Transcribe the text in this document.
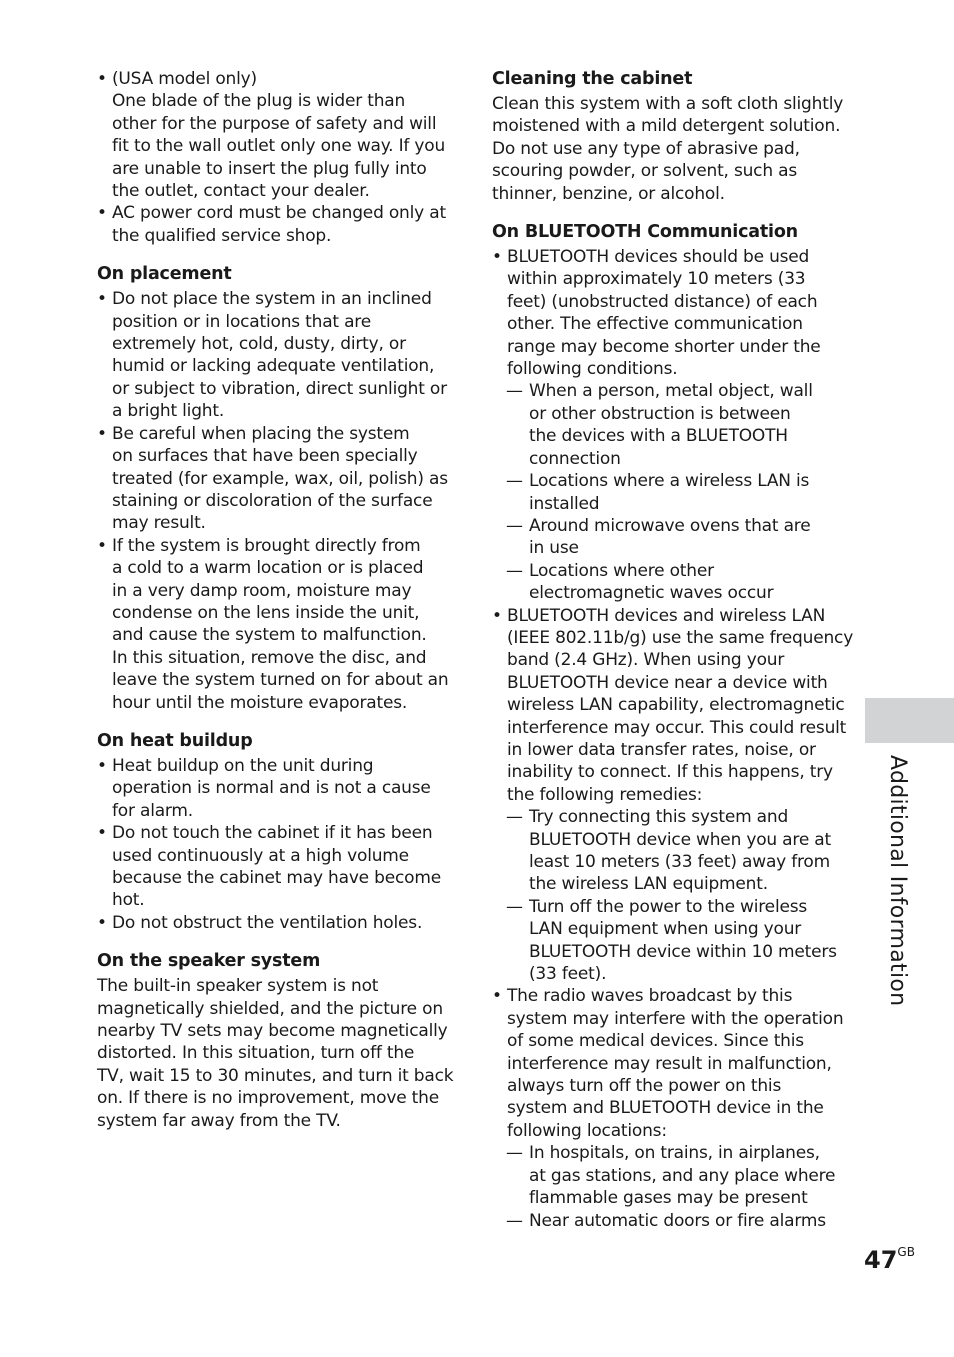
• (USA model only)
One blade of the plug is wider than
other for the purpose of safety and will
fit to the wall outlet only one way. If you
are unable to insert the plug fully into
the outlet, contact your dealer.
• AC power cord must be changed only at
the qualified service shop.
On placement
• Do not place the system in an inclined
position or in locations that are
extremely hot, cold, dusty, dirty, or
humid or lacking adequate ventilation,
or subject to vibration, direct sunlight or
a bright light.
• Be careful when placing the system
on surfaces that have been specially
treated (for example, wax, oil, polish) as
staining or discoloration of the surface
may result.
• If the system is brought directly from
a cold to a warm location or is placed
in a very damp room, moisture may
condense on the lens inside the unit,
and cause the system to malfunction.
In this situation, remove the disc, and
leave the system turned on for about an
hour until the moisture evaporates.
On heat buildup
• Heat buildup on the unit during
operation is normal and is not a cause
for alarm.
• Do not touch the cabinet if it has been
used continuously at a high volume
because the cabinet may have become
hot.
• Do not obstruct the ventilation holes.
On the speaker system
The built-in speaker system is not
magnetically shielded, and the picture on
nearby TV sets may become magnetically
distorted. In this situation, turn off the
TV, wait 15 to 30 minutes, and turn it back
on. If there is no improvement, move the
system far away from the TV.
Cleaning the cabinet
Clean this system with a soft cloth slightly
moistened with a mild detergent solution.
Do not use any type of abrasive pad,
scouring powder, or solvent, such as
thinner, benzine, or alcohol.
On BLUETOOTH Communication
• BLUETOOTH devices should be used
within approximately 10 meters (33
feet) (unobstructed distance) of each
other. The effective communication
range may become shorter under the
following conditions.
— When a person, metal object, wall
or other obstruction is between
the devices with a BLUETOOTH
connection
— Locations where a wireless LAN is
installed
— Around microwave ovens that are
in use
— Locations where other
electromagnetic waves occur
• BLUETOOTH devices and wireless LAN
(IEEE 802.11b/g) use the same frequency
band (2.4 GHz). When using your
BLUETOOTH device near a device with
wireless LAN capability, electromagnetic
interference may occur. This could result
in lower data transfer rates, noise, or
inability to connect. If this happens, try
the following remedies:
— Try connecting this system and
BLUETOOTH device when you are at
least 10 meters (33 feet) away from
the wireless LAN equipment.
— Turn off the power to the wireless
LAN equipment when using your
BLUETOOTH device within 10 meters
(33 feet).
• The radio waves broadcast by this
system may interfere with the operation
of some medical devices. Since this
interference may result in malfunction,
always turn off the power on this
system and BLUETOOTH device in the
following locations:
— In hospitals, on trains, in airplanes,
at gas stations, and any place where
flammable gases may be present
— Near automatic doors or fire alarms
Additional Information
$47^{GB}$
